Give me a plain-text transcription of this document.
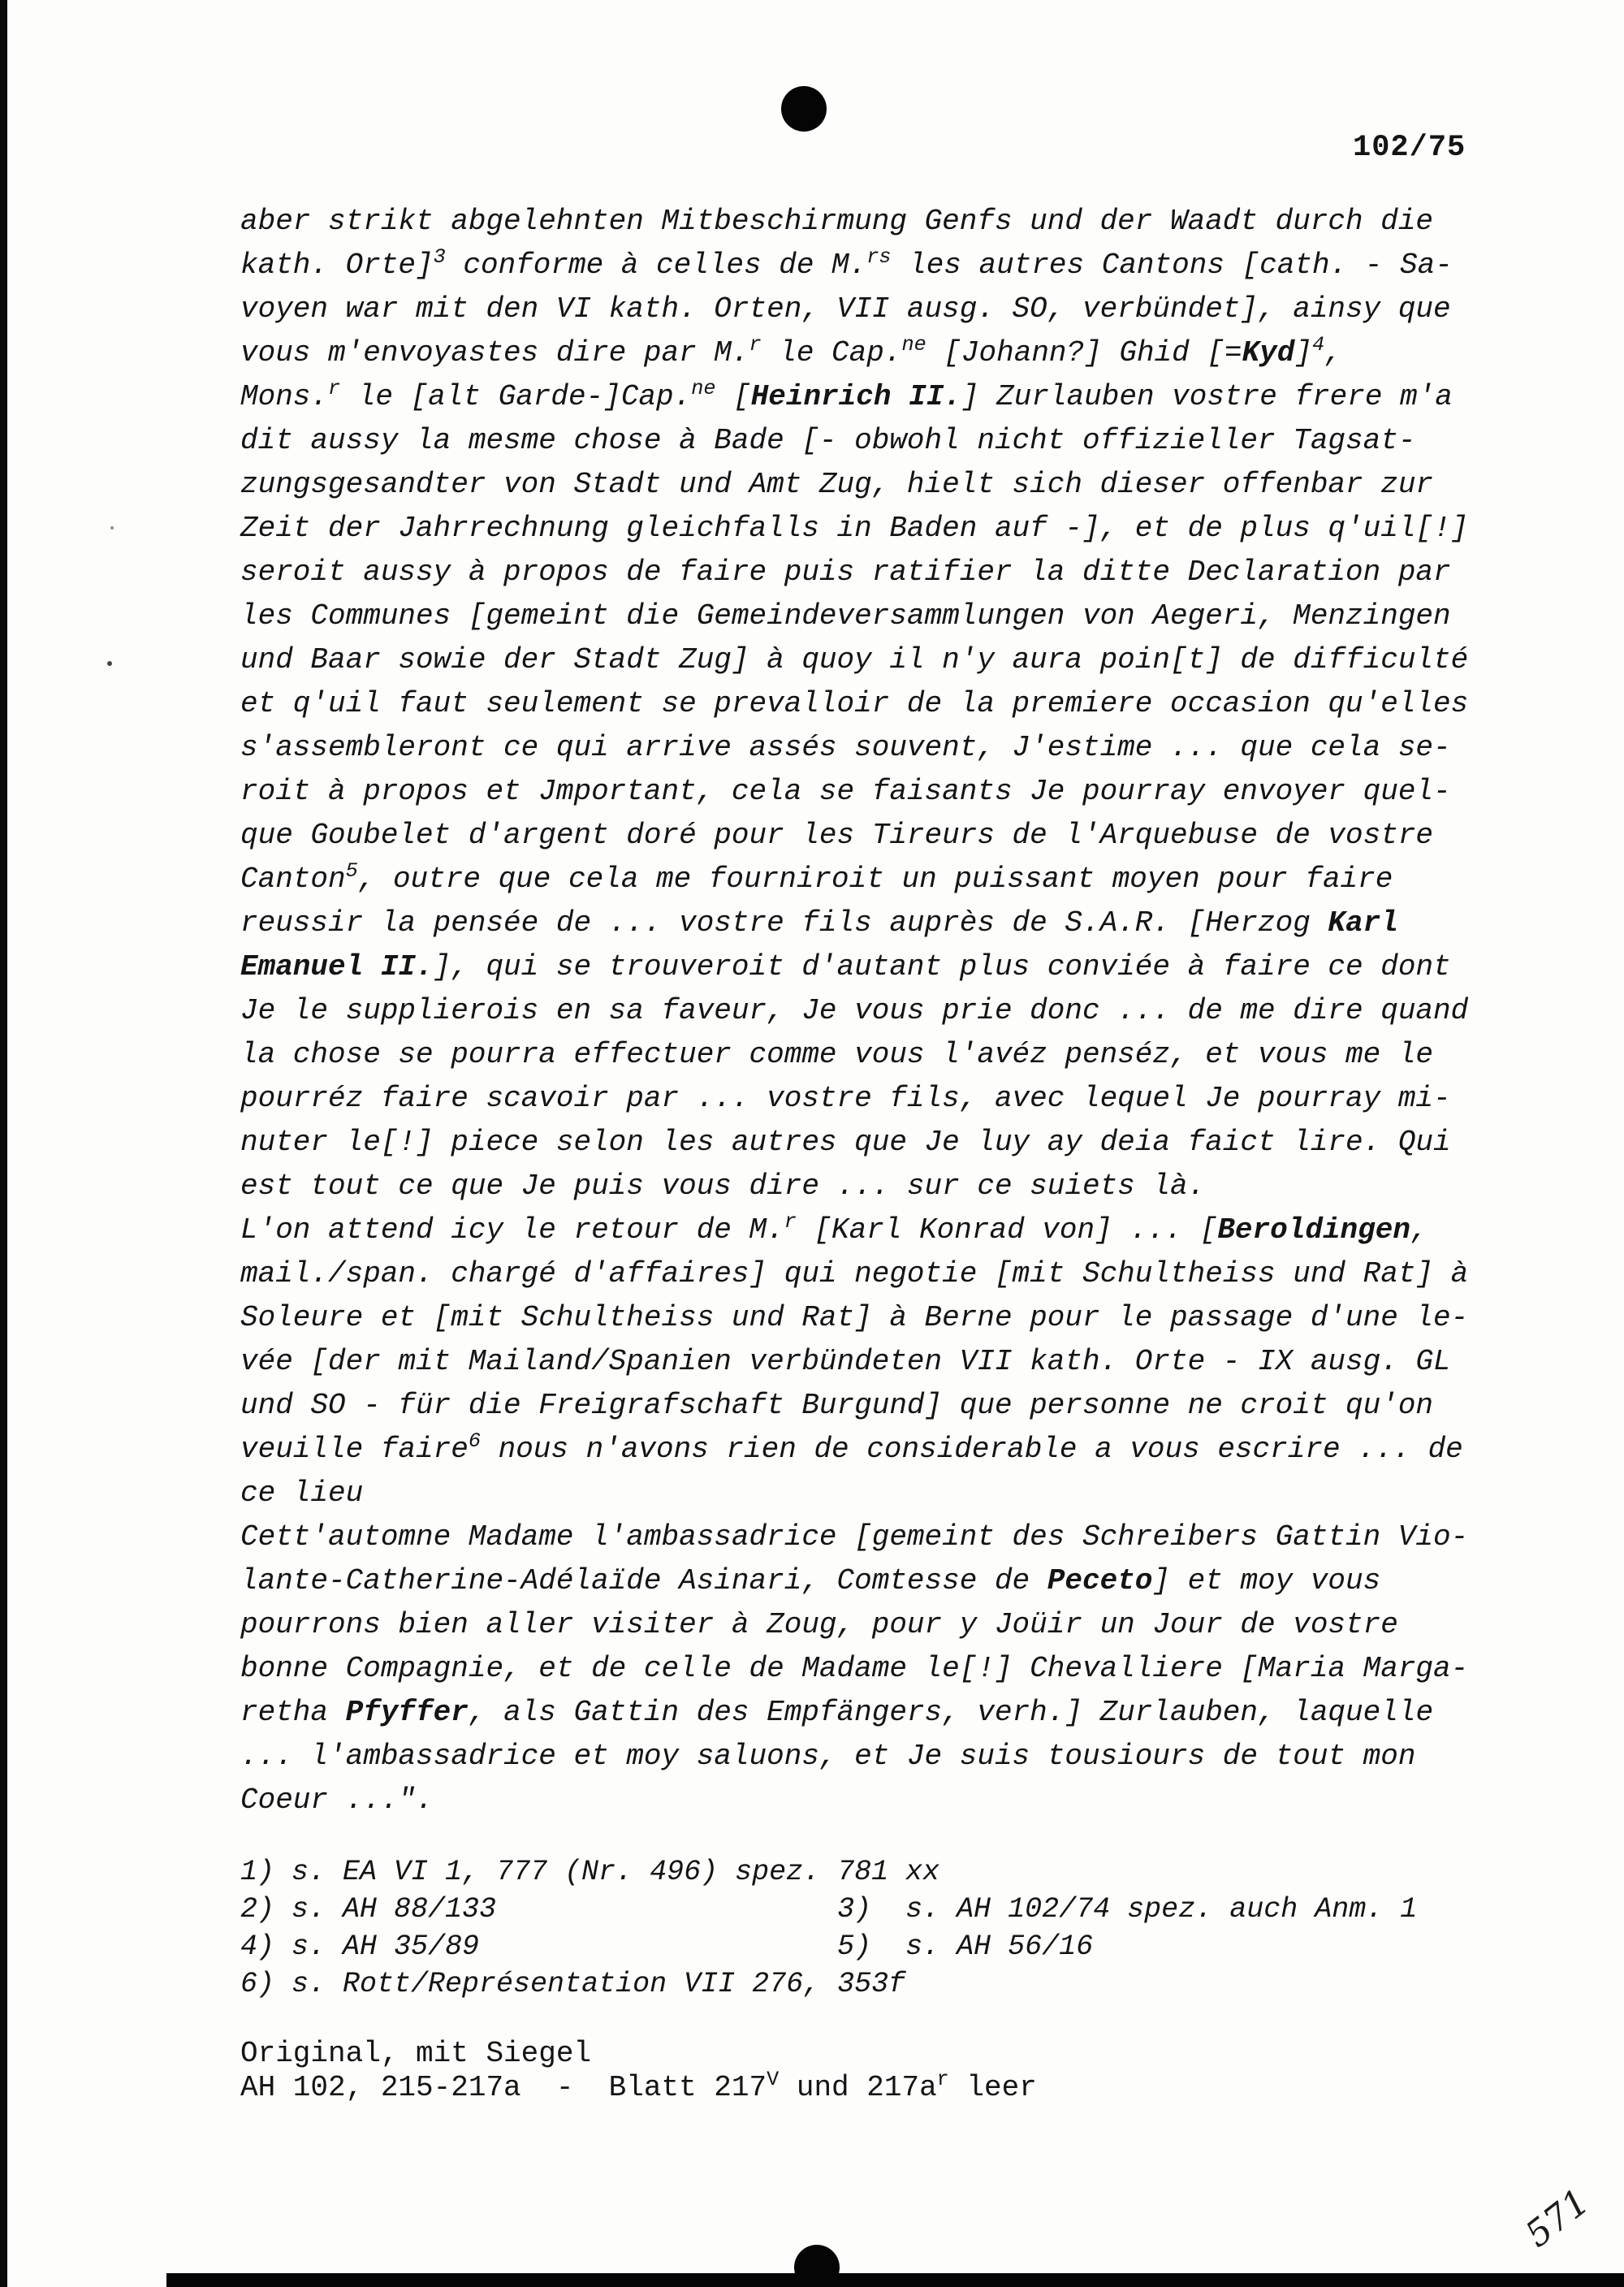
102/75
aber strikt abgelehnten Mitbeschirmung Genfs und der Waadt durch die
kath. Orte]$^3$ conforme à celles de M.$^{rs}$ les autres Cantons [cath. - Sa-
voyen war mit den VI kath. Orten, VII ausg. SO, verbündet], ainsy que
vous m'envoyastes dire par M.$^r$ le Cap.$^{ne}$ [Johann?] Ghid [=Kyd]$^4$,
Mons.$^r$ le [alt Garde-]Cap.$^{ne}$ [Heinrich II.] Zurlauben vostre frere m'a
dit aussy la mesme chose à Bade [- obwohl nicht offizieller Tagsat-
zungsgesandter von Stadt und Amt Zug, hielt sich dieser offenbar zur
Zeit der Jahrrechnung gleichfalls in Baden auf -], et de plus q'uil[!]
seroit aussy à propos de faire puis ratifier la ditte Declaration par
les Communes [gemeint die Gemeindeversammlungen von Aegeri, Menzingen
und Baar sowie der Stadt Zug] à quoy il n'y aura poin[t] de difficulté
et q'uil faut seulement se prevalloir de la premiere occasion qu'elles
s'assembleront ce qui arrive assés souvent, J'estime ... que cela se-
roit à propos et Jmportant, cela se faisants Je pourray envoyer quel-
que Goubelet d'argent doré pour les Tireurs de l'Arquebuse de vostre
Canton$^5$, outre que cela me fourniroit un puissant moyen pour faire
reussir la pensée de ... vostre fils auprès de S.A.R. [Herzog Karl
Emanuel II.], qui se trouveroit d'autant plus conviée à faire ce dont
Je le supplierois en sa faveur, Je vous prie donc ... de me dire quand
la chose se pourra effectuer comme vous l'avéz penséz, et vous me le
pourréz faire scavoir par ... vostre fils, avec lequel Je pourray mi-
nuter le[!] piece selon les autres que Je luy ay deia faict lire. Qui
est tout ce que Je puis vous dire ... sur ce suiets là.
L'on attend icy le retour de M.$^r$ [Karl Konrad von] ... [Beroldingen,
mail./span. chargé d'affaires] qui negotie [mit Schultheiss und Rat] à
Soleure et [mit Schultheiss und Rat] à Berne pour le passage d'une le-
vée [der mit Mailand/Spanien verbündeten VII kath. Orte - IX ausg. GL
und SO - für die Freigrafschaft Burgund] que personne ne croit qu'on
veuille faire$^6$ nous n'avons rien de considerable a vous escrire ... de
ce lieu
Cett'automne Madame l'ambassadrice [gemeint des Schreibers Gattin Vio-
lante-Catherine-Adélaïde Asinari, Comtesse de Peceto] et moy vous
pourrons bien aller visiter à Zoug, pour y Joüir un Jour de vostre
bonne Compagnie, et de celle de Madame le[!] Chevalliere [Maria Marga-
retha Pfyffer, als Gattin des Empfängers, verh.] Zurlauben, laquelle
... l'ambassadrice et moy saluons, et Je suis tousiours de tout mon
Coeur ...".
1) s. EA VI 1, 777 (Nr. 496) spez. 781 xx
2) s. AH 88/133                    3)  s. AH 102/74 spez. auch Anm. 1
4) s. AH 35/89                     5)  s. AH 56/16
6) s. Rott/Représentation VII 276, 353f
Original, mit Siegel
AH 102, 215-217a  -  Blatt $217^V$ und $217a^r$ leer
571
